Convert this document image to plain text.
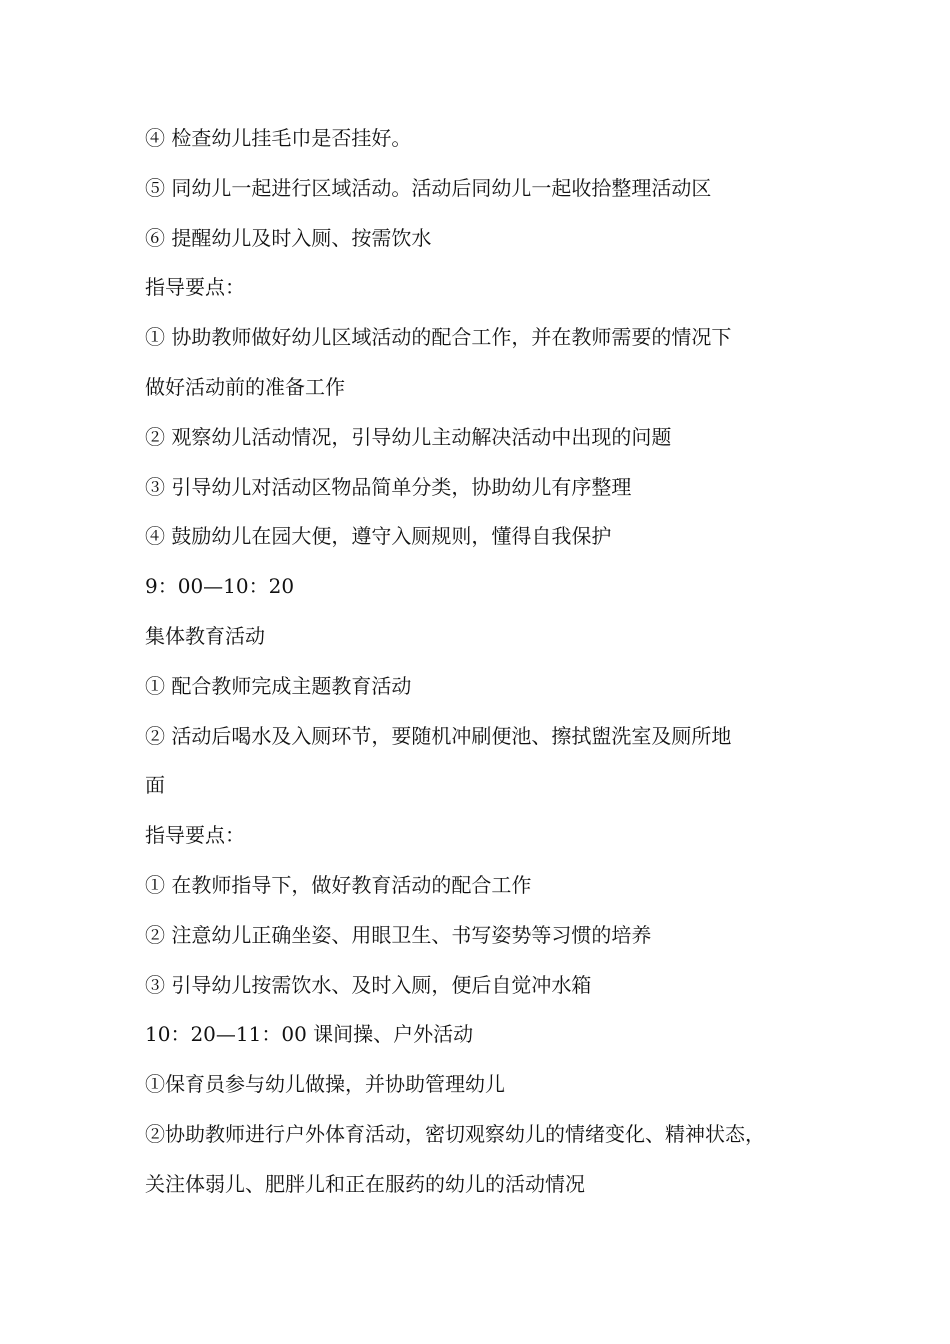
④ 检查幼儿挂毛巾是否挂好。
⑤ 同幼儿一起进行区域活动。活动后同幼儿一起收拾整理活动区
⑥ 提醒幼儿及时入厕、按需饮水
指导要点：
① 协助教师做好幼儿区域活动的配合工作，并在教师需要的情况下
做好活动前的准备工作
② 观察幼儿活动情况，引导幼儿主动解决活动中出现的问题
③ 引导幼儿对活动区物品简单分类，协助幼儿有序整理
④ 鼓励幼儿在园大便，遵守入厕规则，懂得自我保护
9：00—10：20
集体教育活动
① 配合教师完成主题教育活动
② 活动后喝水及入厕环节，要随机冲刷便池、擦拭盥洗室及厕所地
面
指导要点：
① 在教师指导下，做好教育活动的配合工作
② 注意幼儿正确坐姿、用眼卫生、书写姿势等习惯的培养
③ 引导幼儿按需饮水、及时入厕，便后自觉冲水箱
10：20—11：00 课间操、户外活动
①保育员参与幼儿做操，并协助管理幼儿
②协助教师进行户外体育活动，密切观察幼儿的情绪变化、精神状态，
关注体弱儿、肥胖儿和正在服药的幼儿的活动情况
